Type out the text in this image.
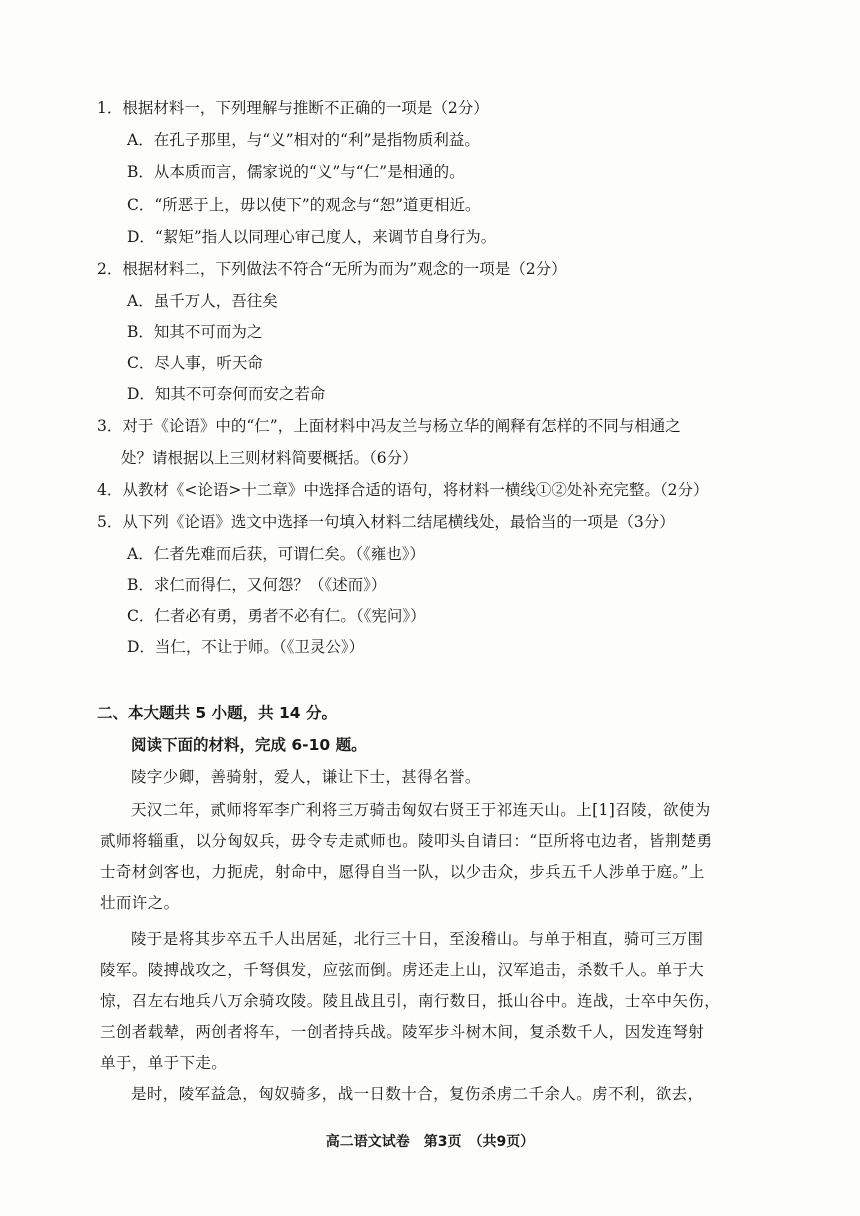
1．根据材料一，下列理解与推断不正确的一项是（2分）
A．在孔子那里，与“义”相对的“利”是指物质利益。
B．从本质而言，儒家说的“义”与“仁”是相通的。
C．“所恶于上，毋以使下”的观念与“恕”道更相近。
D．“絜矩”指人以同理心审己度人，来调节自身行为。
2．根据材料二，下列做法不符合“无所为而为”观念的一项是（2分）
A．虽千万人，吾往矣
B．知其不可而为之
C．尽人事，听天命
D．知其不可奈何而安之若命
3．对于《论语》中的“仁”，上面材料中冯友兰与杨立华的阐释有怎样的不同与相通之
处？请根据以上三则材料简要概括。（6分）
4．从教材《<论语>十二章》中选择合适的语句，将材料一横线①②处补充完整。（2分）
5．从下列《论语》选文中选择一句填入材料二结尾横线处，最恰当的一项是（3分）
A．仁者先难而后获，可谓仁矣。（《雍也》）
B．求仁而得仁，又何怨？（《述而》）
C．仁者必有勇，勇者不必有仁。（《宪问》）
D．当仁，不让于师。（《卫灵公》）
二、本大题共 5 小题，共 14 分。
阅读下面的材料，完成 6-10 题。
陵字少卿，善骑射，爱人，谦让下士，甚得名誉。
天汉二年，贰师将军李广利将三万骑击匈奴右贤王于祁连天山。上[1]召陵，欲使为
贰师将辎重，以分匈奴兵，毋令专走贰师也。陵叩头自请曰：“臣所将屯边者，皆荆楚勇
士奇材剑客也，力扼虎，射命中，愿得自当一队，以少击众，步兵五千人涉单于庭。”上
壮而许之。
陵于是将其步卒五千人出居延，北行三十日，至浚稽山。与单于相直，骑可三万围
陵军。陵搏战攻之，千弩俱发，应弦而倒。虏还走上山，汉军追击，杀数千人。单于大
惊，召左右地兵八万余骑攻陵。陵且战且引，南行数日，抵山谷中。连战，士卒中矢伤，
三创者载辇，两创者将车，一创者持兵战。陵军步斗树木间，复杀数千人，因发连弩射
单于，单于下走。
是时，陵军益急，匈奴骑多，战一日数十合，复伤杀虏二千余人。虏不利，欲去，
高二语文试卷　第3页　（共9页）
